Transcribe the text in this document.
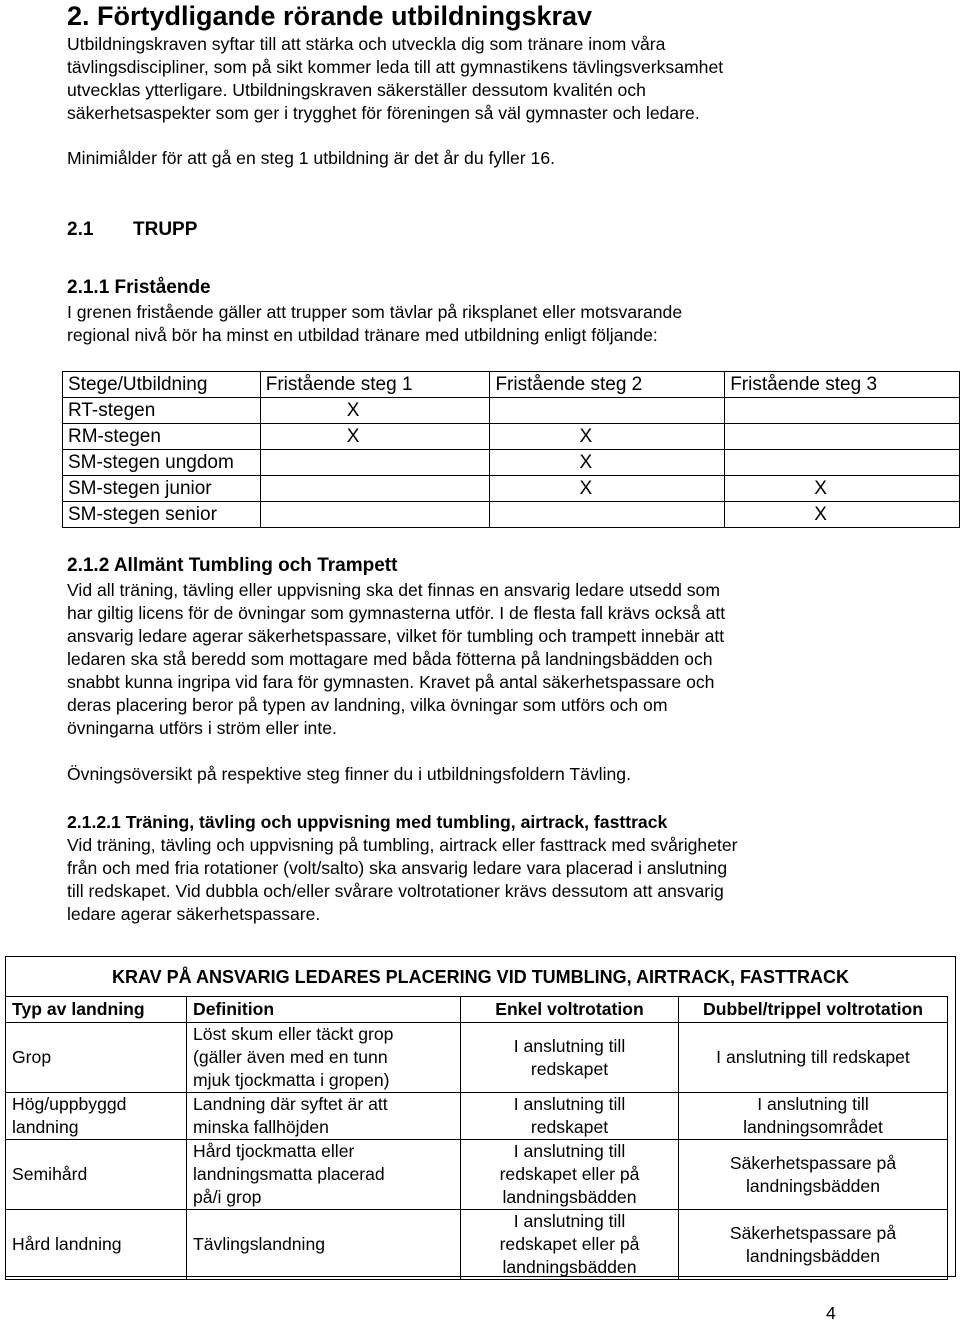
2. Förtydligande rörande utbildningskrav

Utbildningskraven syftar till att stärka och utveckla dig som tränare inom våra
tävlingsdiscipliner, som på sikt kommer leda till att gymnastikens tävlingsverksamhet
utvecklas ytterligare. Utbildningskraven säkerställer dessutom kvalitén och
säkerhetsaspekter som ger i trygghet för föreningen så väl gymnaster och ledare.

Minimiålder för att gå en steg 1 utbildning är det år du fyller 16.

2.1 TRUPP
2.1.1 Fristående

I grenen fristående gäller att trupper som tävlar på riksplanet eller motsvarande
regional nivå bör ha minst en utbildad tränare med utbildning enligt följande:

Stege/Utbildning	Fristående steg 1	Fristående steg 2	Fristående steg 3
RT-stegen	X		
RM-stegen	X	X	
SM-stegen ungdom		X	
SM-stegen junior		X	X
SM-stegen senior			X
2.1.2 Allmänt Tumbling och Trampett

Vid all träning, tävling eller uppvisning ska det finnas en ansvarig ledare utsedd som
har giltig licens för de övningar som gymnasterna utför. I de flesta fall krävs också att
ansvarig ledare agerar säkerhetspassare, vilket för tumbling och trampett innebär att
ledaren ska stå beredd som mottagare med båda fötterna på landningsbädden och
snabbt kunna ingripa vid fara för gymnasten. Kravet på antal säkerhetspassare och
deras placering beror på typen av landning, vilka övningar som utförs och om
övningarna utförs i ström eller inte.

Övningsöversikt på respektive steg finner du i utbildningsfoldern Tävling.

2.1.2.1 Träning, tävling och uppvisning med tumbling, airtrack, fasttrack

Vid träning, tävling och uppvisning på tumbling, airtrack eller fasttrack med svårigheter
från och med fria rotationer (volt/salto) ska ansvarig ledare vara placerad i anslutning
till redskapet. Vid dubbla och/eller svårare voltrotationer krävs dessutom att ansvarig
ledare agerar säkerhetspassare.

KRAV PÅ ANSVARIG LEDARES PLACERING VID TUMBLING, AIRTRACK, FASTTRACK
Typ av landning	Definition	Enkel voltrotation	Dubbel/trippel voltrotation

Grop	Löst skum eller täckt grop
(gäller även med en tunn
mjuk tjockmatta i gropen)	I anslutning till
redskapet	I anslutning till redskapet

Hög/uppbyggd
landning	Landning där syftet är att
minska fallhöjden	I anslutning till
redskapet	I anslutning till
landningsområdet

Semihård	Hård tjockmatta eller
landningsmatta placerad
på/i grop	I anslutning till
redskapet eller på
landningsbädden	Säkerhetspassare på
landningsbädden

Hård landning	Tävlingslandning	I anslutning till
redskapet eller på
landningsbädden	Säkerhetspassare på
landningsbädden
4
